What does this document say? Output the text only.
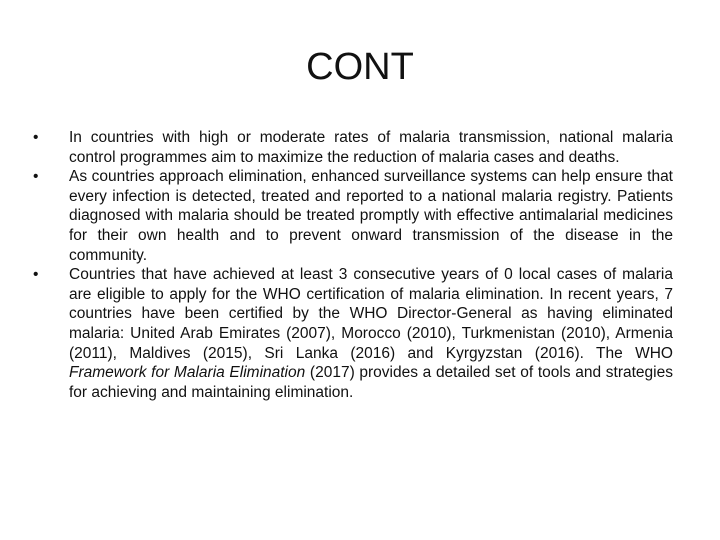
CONT
•	In countries with high or moderate rates of malaria transmission, national malaria control programmes aim to maximize the reduction of malaria cases and deaths.
•	As countries approach elimination, enhanced surveillance systems can help ensure that every infection is detected, treated and reported to a national malaria registry. Patients diagnosed with malaria should be treated promptly with effective antimalarial medicines for their own health and to prevent onward transmission of the disease in the community.
•	Countries that have achieved at least 3 consecutive years of 0 local cases of malaria are eligible to apply for the WHO certification of malaria elimination. In recent years, 7 countries have been certified by the WHO Director-General as having eliminated malaria: United Arab Emirates (2007), Morocco (2010), Turkmenistan (2010), Armenia (2011), Maldives (2015), Sri Lanka (2016) and Kyrgyzstan (2016). The WHO Framework for Malaria Elimination (2017) provides a detailed set of tools and strategies for achieving and maintaining elimination.
